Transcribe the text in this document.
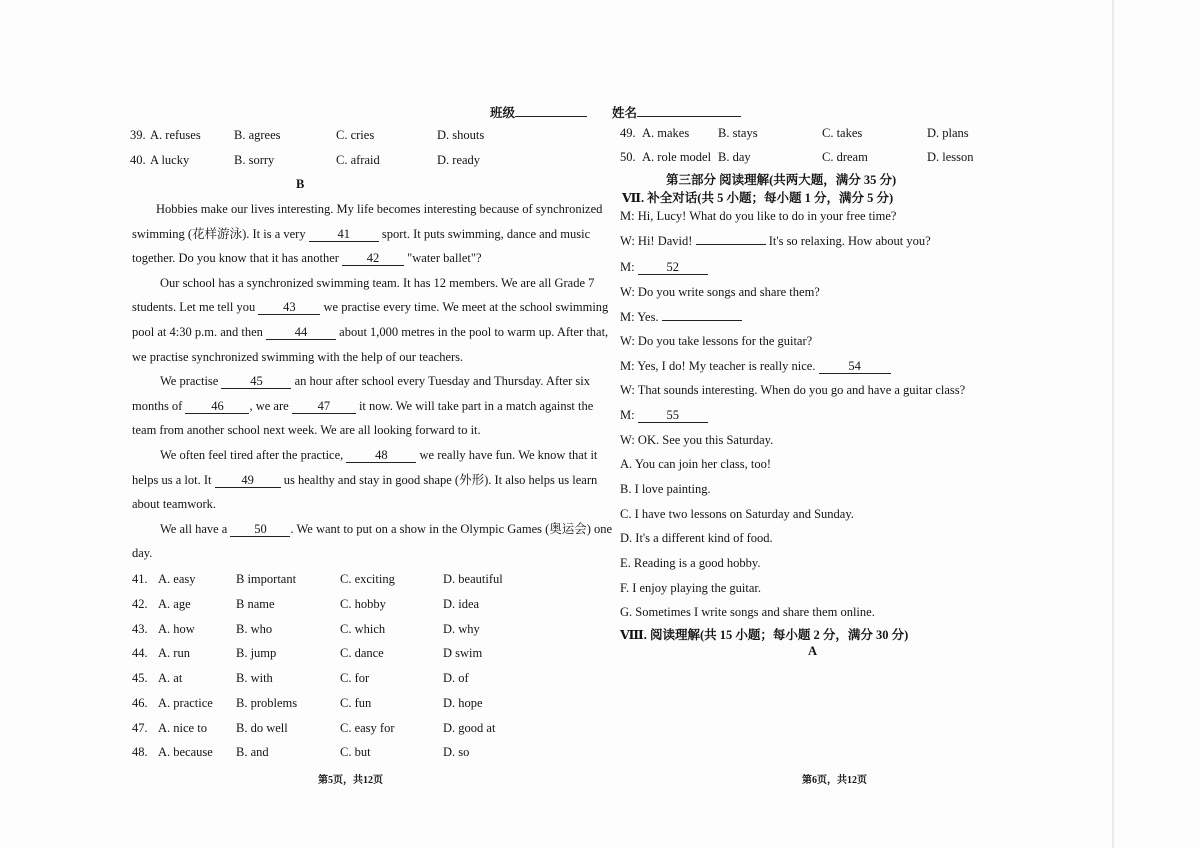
班级	姓名
39. A. refuses	B. agrees	C. cries	D. shouts
40. A lucky	B. sorry	C. afraid	D. ready
B
Hobbies make our lives interesting. My life becomes interesting because of synchronized
swimming (花样游泳). It is a very	41	sport. It puts swimming, dance and music
together. Do you know that it has another 42 "water ballet"?
Our school has a synchronized swimming team. It has 12 members. We are all Grade 7
students. Let me tell you 43 we practise every time. We meet at the school swimming
pool at 4:30 p.m. and then	44	about 1,000 metres in the pool to warm up. After that,
we practise synchronized swimming with the help of our teachers.
We practise	45	an hour after school every Tuesday and Thursday. After six
months of 46 , we are 47 it now. We will take part in a match against the
team from another school next week. We are all looking forward to it.
We often feel tired after the practice,	48	we really have fun. We know that it
helps us a lot. It 49 us healthy and stay in good shape (外形). It also helps us learn
about teamwork.
We all have a 50 . We want to put on a show in the Olympic Games (奥运会) one
day.
41. A. easy	B important	C. exciting	D. beautiful
42. A. age	B name	C. hobby	D. idea
43. A. how	B. who	C. which	D. why
44. A. run	B. jump	C. dance	D swim
45. A. at	B. with	C. for	D. of
46. A. practice B. problems	C. fun	D. hope
47. A. nice to B. do well	C. easy for	D. good at
48. A. because B. and	C. but	D. so
第5页，共12页
49. A. makes B. stays	C. takes	D. plans
50. A. role model B. day	C. dream	D. lesson
第三部分 阅读理解(共两大题，满分 35 分)
Ⅶ. 补全对话(共 5 小题；每小题 1 分，满分 5 分)
M: Hi, Lucy! What do you like to do in your free time?
W: Hi! David!	It's so relaxing. How about you?
M:	52
W: Do you write songs and share them?
M: Yes.
W: Do you take lessons for the guitar?
M: Yes, I do! My teacher is really nice.	54
W: That sounds interesting. When do you go and have a guitar class?
M:	55
W: OK. See you this Saturday.
A. You can join her class, too!
B. I love painting.
C. I have two lessons on Saturday and Sunday.
D. It's a different kind of food.
E. Reading is a good hobby.
F. I enjoy playing the guitar.
G. Sometimes I write songs and share them online.
Ⅷ. 阅读理解(共 15 小题；每小题 2 分，满分 30 分)
A
第6页，共12页
